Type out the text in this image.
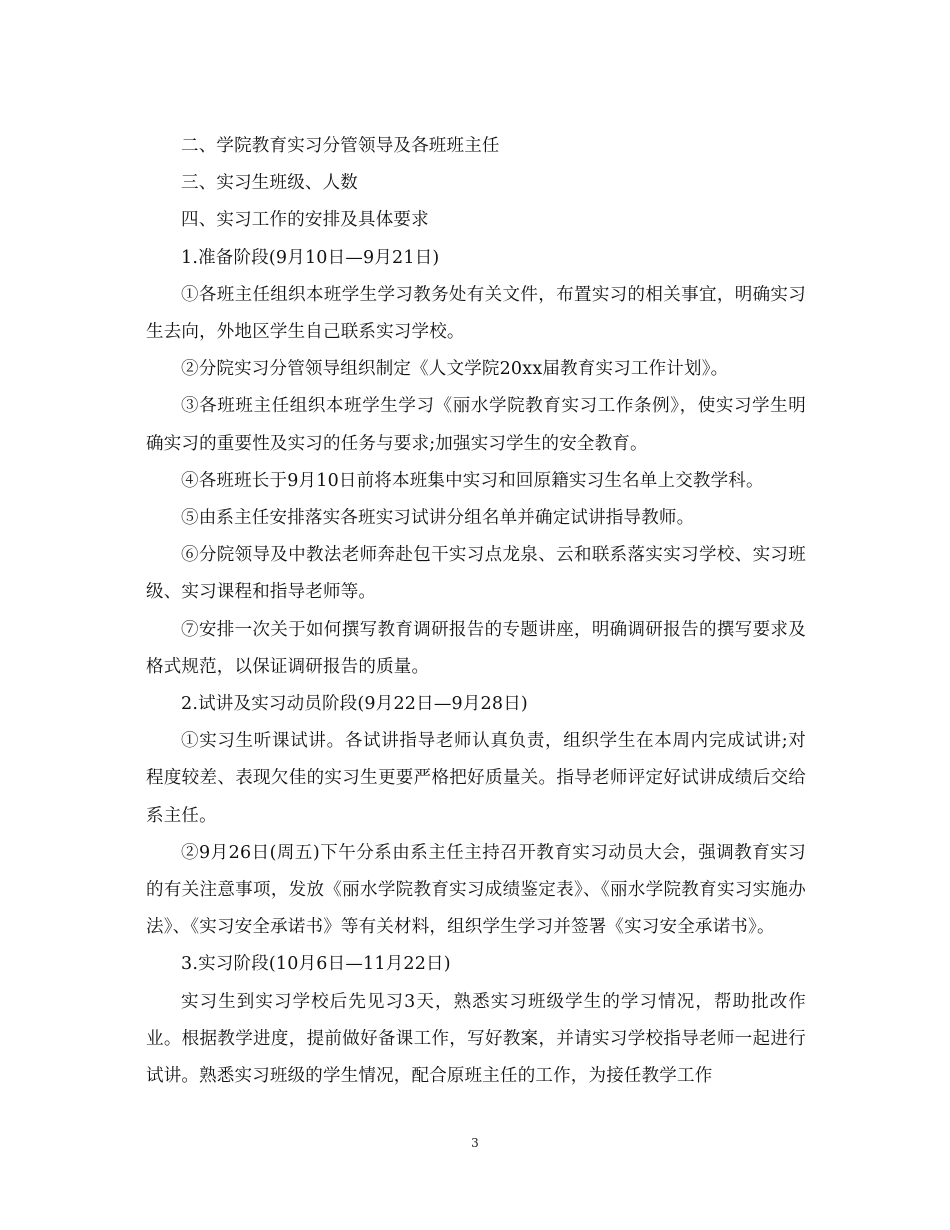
二、学院教育实习分管领导及各班班主任

三、实习生班级、人数

四、实习工作的安排及具体要求

1.准备阶段(9月10日—9月21日)

①各班主任组织本班学生学习教务处有关文件，布置实习的相关事宜，明确实习生去向，外地区学生自己联系实习学校。

②分院实习分管领导组织制定《人文学院20xx届教育实习工作计划》。

③各班班主任组织本班学生学习《丽水学院教育实习工作条例》，使实习学生明确实习的重要性及实习的任务与要求;加强实习学生的安全教育。

④各班班长于9月10日前将本班集中实习和回原籍实习生名单上交教学科。

⑤由系主任安排落实各班实习试讲分组名单并确定试讲指导教师。

⑥分院领导及中教法老师奔赴包干实习点龙泉、云和联系落实实习学校、实习班级、实习课程和指导老师等。

⑦安排一次关于如何撰写教育调研报告的专题讲座，明确调研报告的撰写要求及格式规范，以保证调研报告的质量。

2.试讲及实习动员阶段(9月22日—9月28日)

①实习生听课试讲。各试讲指导老师认真负责，组织学生在本周内完成试讲;对程度较差、表现欠佳的实习生更要严格把好质量关。指导老师评定好试讲成绩后交给系主任。

②9月26日(周五)下午分系由系主任主持召开教育实习动员大会，强调教育实习的有关注意事项，发放《丽水学院教育实习成绩鉴定表》、《丽水学院教育实习实施办法》、《实习安全承诺书》等有关材料，组织学生学习并签署《实习安全承诺书》。

3.实习阶段(10月6日—11月22日)

实习生到实习学校后先见习3天，熟悉实习班级学生的学习情况，帮助批改作业。根据教学进度，提前做好备课工作，写好教案，并请实习学校指导老师一起进行试讲。熟悉实习班级的学生情况，配合原班主任的工作，为接任教学工作

3
